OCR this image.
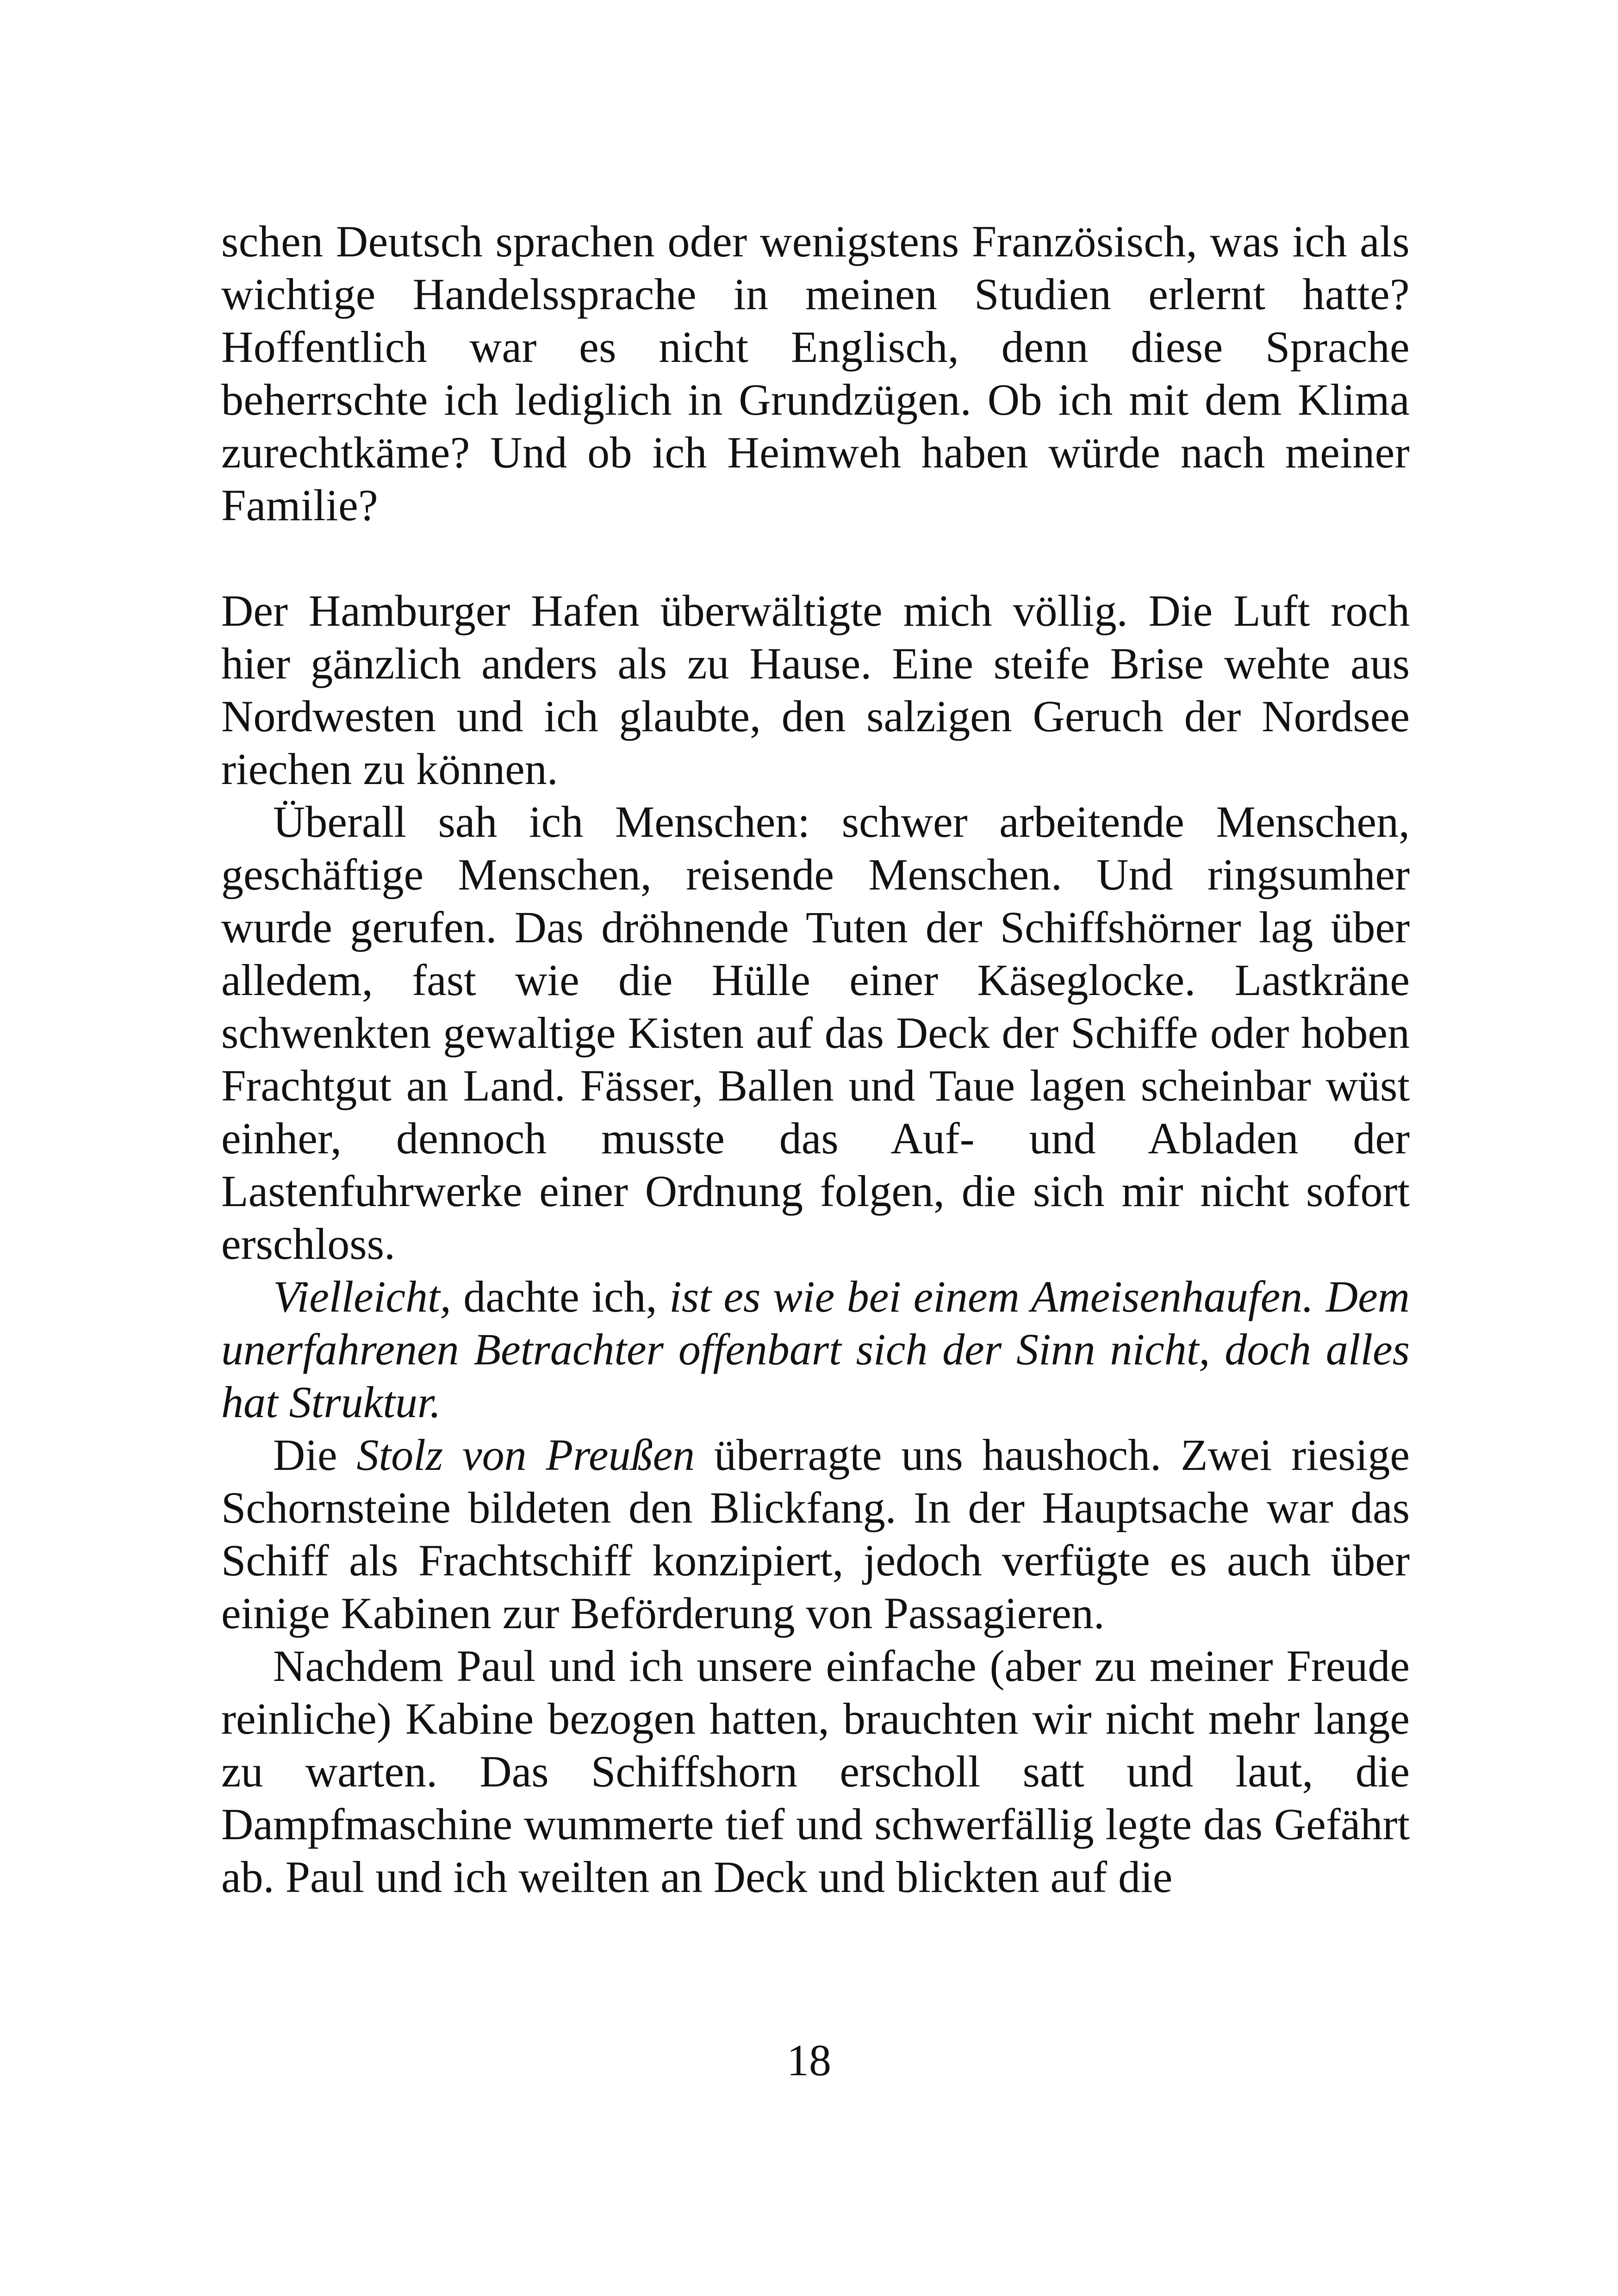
schen Deutsch sprachen oder wenigstens Französisch, was ich als wichtige Handelssprache in meinen Studien erlernt hatte? Hoffentlich war es nicht Englisch, denn diese Sprache beherrschte ich lediglich in Grundzügen. Ob ich mit dem Klima zurechtkäme? Und ob ich Heimweh haben würde nach meiner Familie?

Der Hamburger Hafen überwältigte mich völlig. Die Luft roch hier gänzlich anders als zu Hause. Eine steife Brise wehte aus Nordwesten und ich glaubte, den salzigen Geruch der Nordsee riechen zu können.

Überall sah ich Menschen: schwer arbeitende Menschen, geschäftige Menschen, reisende Menschen. Und ringsumher wurde gerufen. Das dröhnende Tuten der Schiffshörner lag über alledem, fast wie die Hülle einer Käseglocke. Lastkräne schwenkten gewaltige Kisten auf das Deck der Schiffe oder hoben Frachtgut an Land. Fässer, Ballen und Taue lagen scheinbar wüst einher, dennoch musste das Auf- und Abladen der Lastenfuhrwerke einer Ordnung folgen, die sich mir nicht sofort erschloss.

Vielleicht, dachte ich, ist es wie bei einem Ameisenhaufen. Dem unerfahrenen Betrachter offenbart sich der Sinn nicht, doch alles hat Struktur.

Die Stolz von Preußen überragte uns haushoch. Zwei riesige Schornsteine bildeten den Blickfang. In der Hauptsache war das Schiff als Frachtschiff konzipiert, jedoch verfügte es auch über einige Kabinen zur Beförderung von Passagieren.

Nachdem Paul und ich unsere einfache (aber zu meiner Freude reinliche) Kabine bezogen hatten, brauchten wir nicht mehr lange zu warten. Das Schiffshorn erscholl satt und laut, die Dampfmaschine wummerte tief und schwerfällig legte das Gefährt ab. Paul und ich weilten an Deck und blickten auf die

18
